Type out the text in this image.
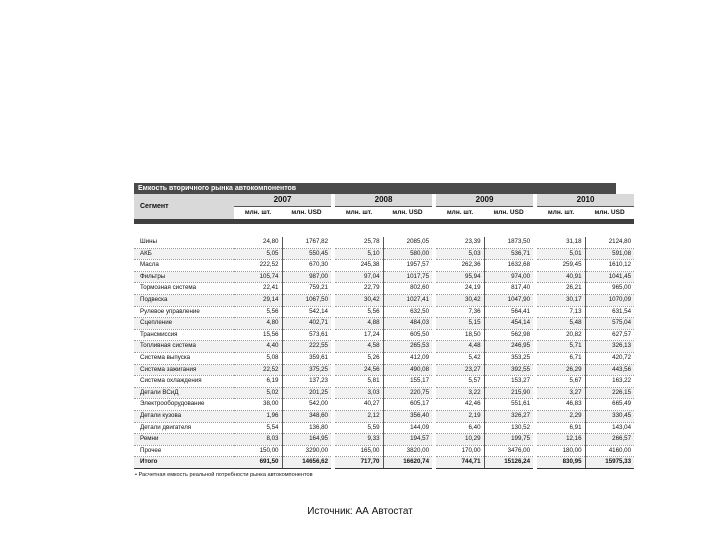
Емкость вторичного рынка автокомпонентов
Сегмент	2007			2008			2009			2010	
	млн. шт.	млн. USD		млн. шт.	млн. USD		млн. шт.	млн. USD		млн. шт.	млн. USD

Шины	24,80	1767,82		25,78	2085,05		23,39	1873,50		31,18	2124,80
АКБ	5,05	550,45		5,10	580,00		5,03	536,71		5,01	591,08
Масла	222,52	670,30		245,38	1957,57		262,36	1632,68		259,45	1610,12
Фильтры	105,74	987,00		97,04	1017,75		95,94	974,00		40,91	1041,45
Тормозная система	22,41	759,21		22,79	802,60		24,19	817,40		26,21	965,00
Подвеска	29,14	1067,50		30,42	1027,41		30,42	1047,90		30,17	1070,09
Рулевое управление	5,56	542,14		5,56	632,50		7,36	564,41		7,13	631,54
Сцепление	4,80	402,71		4,88	484,03		5,15	454,14		5,48	575,04
Трансмиссия	15,56	573,61		17,24	605,50		18,50	562,98		20,82	627,57
Топливная система	4,40	222,55		4,58	265,53		4,48	246,95		5,71	326,13
Система выпуска	5,08	359,61		5,26	412,09		5,42	353,25		6,71	420,72
Система зажигания	22,52	375,25		24,56	490,08		23,27	392,55		26,29	443,56
Система охлаждения	6,19	137,23		5,81	155,17		5,57	153,27		5,67	163,22
Детали ВСиД	5,02	201,25		3,03	220,75		3,22	215,90		3,27	226,15
Электрооборудование	38,00	542,00		40,27	605,17		42,46	551,61		46,83	665,49
Детали кузова	1,96	348,60		2,12	356,40		2,19	326,27		2,29	330,45
Детали двигателя	5,54	136,80		5,59	144,09		6,40	130,52		6,91	143,04
Ремни	8,03	164,95		9,33	194,57		10,29	199,75		12,16	266,57
Прочее	150,00	3290,00		165,00	3820,00		170,00	3476,00		180,00	4160,00
Итого	691,50	14656,62		717,70	16620,74		744,71	15126,24		830,95	15975,33
• Расчетная емкость реальной потребности рынка автокомпонентов
Источник: АА Автостат
